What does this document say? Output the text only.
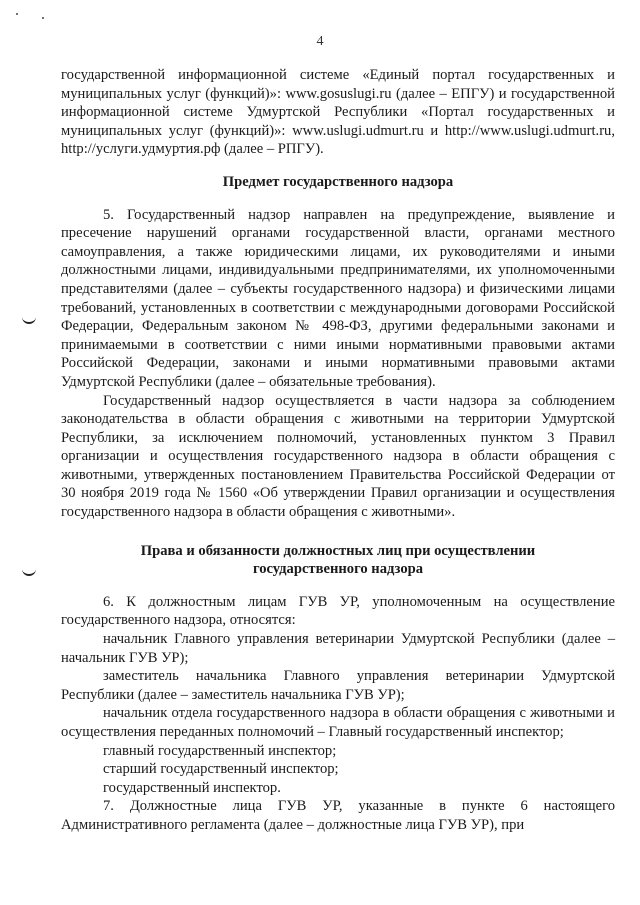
4

государственной информационной системе «Единый портал государственных и муниципальных услуг (функций)»: www.gosuslugi.ru (далее – ЕПГУ) и государственной информационной системе Удмуртской Республики «Портал государственных и муниципальных услуг (функций)»: www.uslugi.udmurt.ru и http://www.uslugi.udmurt.ru, http://услуги.удмуртия.рф (далее – РПГУ).

Предмет государственного надзора

5. Государственный надзор направлен на предупреждение, выявление и пресечение нарушений органами государственной власти, органами местного самоуправления, а также юридическими лицами, их руководителями и иными должностными лицами, индивидуальными предпринимателями, их уполномоченными представителями (далее – субъекты государственного надзора) и физическими лицами требований, установленных в соответствии с международными договорами Российской Федерации, Федеральным законом № 498-ФЗ, другими федеральными законами и принимаемыми в соответствии с ними иными нормативными правовыми актами Российской Федерации, законами и иными нормативными правовыми актами Удмуртской Республики (далее – обязательные требования).

Государственный надзор осуществляется в части надзора за соблюдением законодательства в области обращения с животными на территории Удмуртской Республики, за исключением полномочий, установленных пунктом 3 Правил организации и осуществления государственного надзора в области обращения с животными, утвержденных постановлением Правительства Российской Федерации от 30 ноября 2019 года № 1560 «Об утверждении Правил организации и осуществления государственного надзора в области обращения с животными».

Права и обязанности должностных лиц при осуществлении государственного надзора

6. К должностным лицам ГУВ УР, уполномоченным на осуществление государственного надзора, относятся:

начальник Главного управления ветеринарии Удмуртской Республики (далее – начальник ГУВ УР);

заместитель начальника Главного управления ветеринарии Удмуртской Республики (далее – заместитель начальника ГУВ УР);

начальник отдела государственного надзора в области обращения с животными и осуществления переданных полномочий – Главный государственный инспектор;

главный государственный инспектор;

старший государственный инспектор;

государственный инспектор.

7. Должностные лица ГУВ УР, указанные в пункте 6 настоящего Административного регламента (далее – должностные лица ГУВ УР), при
